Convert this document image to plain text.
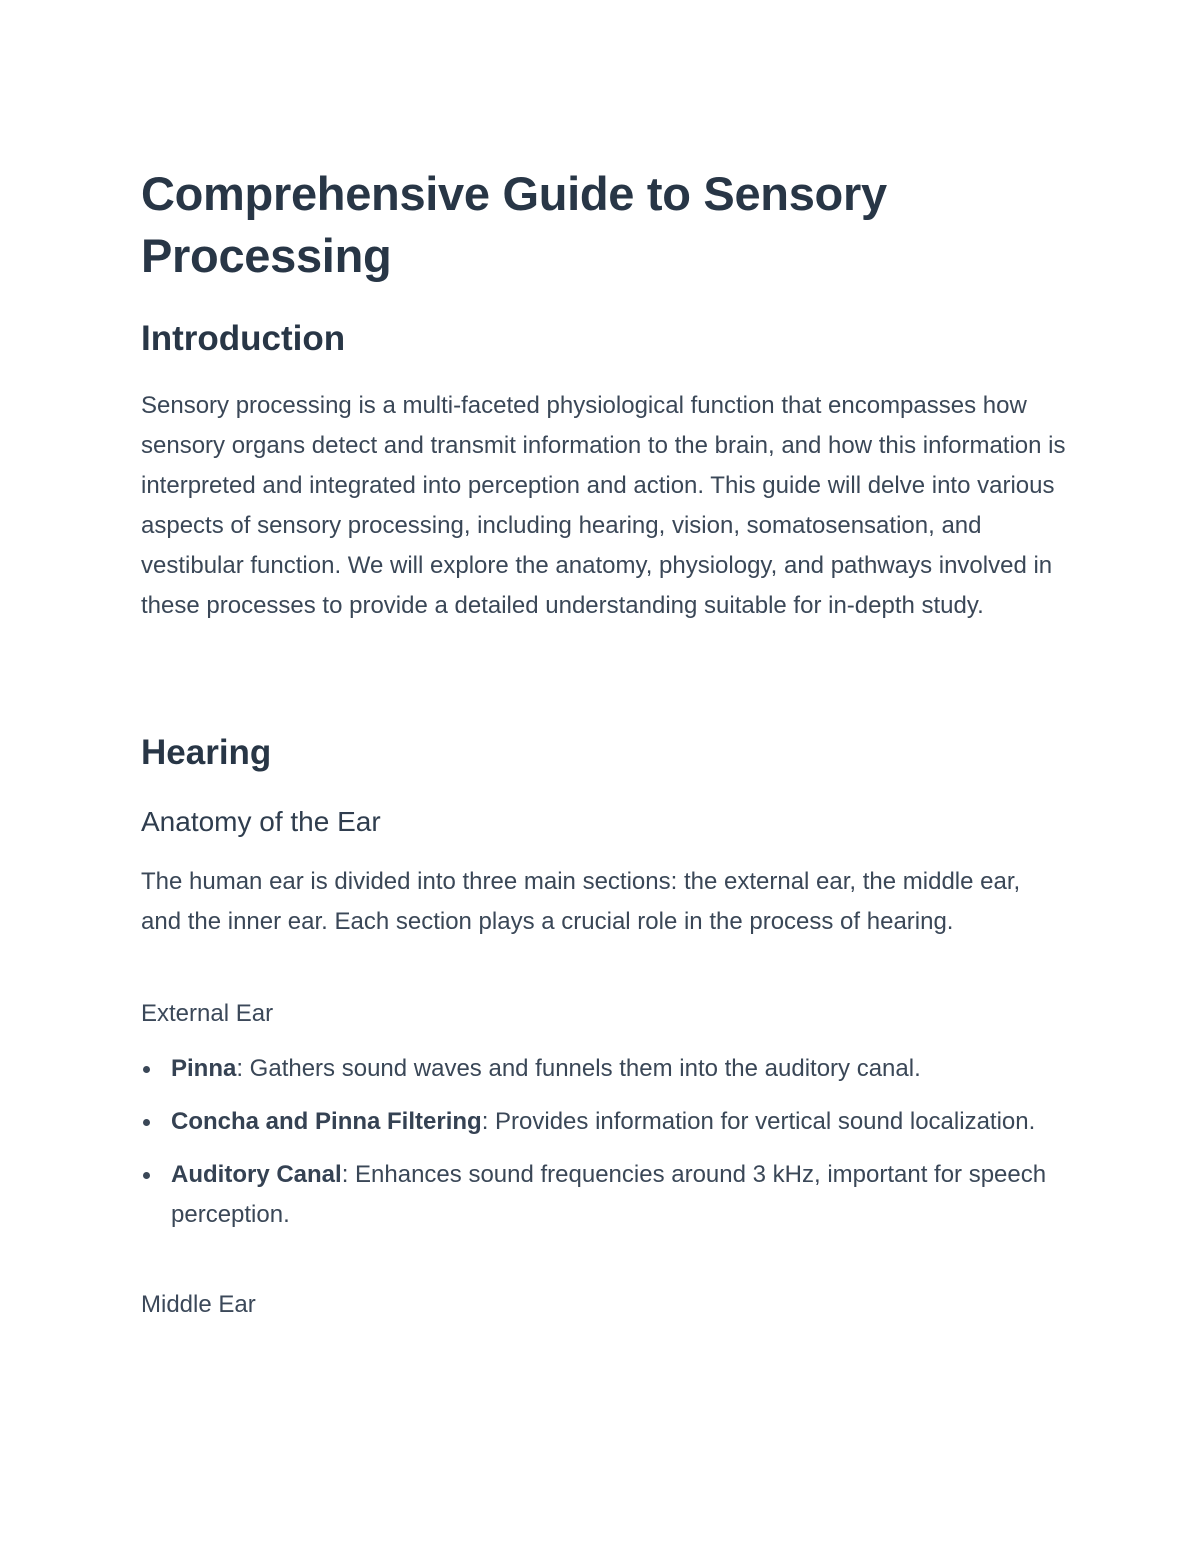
Comprehensive Guide to Sensory Processing
Introduction

Sensory processing is a multi-faceted physiological function that encompasses how sensory organs detect and transmit information to the brain, and how this information is interpreted and integrated into perception and action. This guide will delve into various aspects of sensory processing, including hearing, vision, somatosensation, and vestibular function. We will explore the anatomy, physiology, and pathways involved in these processes to provide a detailed understanding suitable for in-depth study.

Hearing
Anatomy of the Ear

The human ear is divided into three main sections: the external ear, the middle ear, and the inner ear. Each section plays a crucial role in the process of hearing.

External Ear
Pinna: Gathers sound waves and funnels them into the auditory canal.
Concha and Pinna Filtering: Provides information for vertical sound localization.
Auditory Canal: Enhances sound frequencies around 3 kHz, important for speech perception.
Middle Ear
